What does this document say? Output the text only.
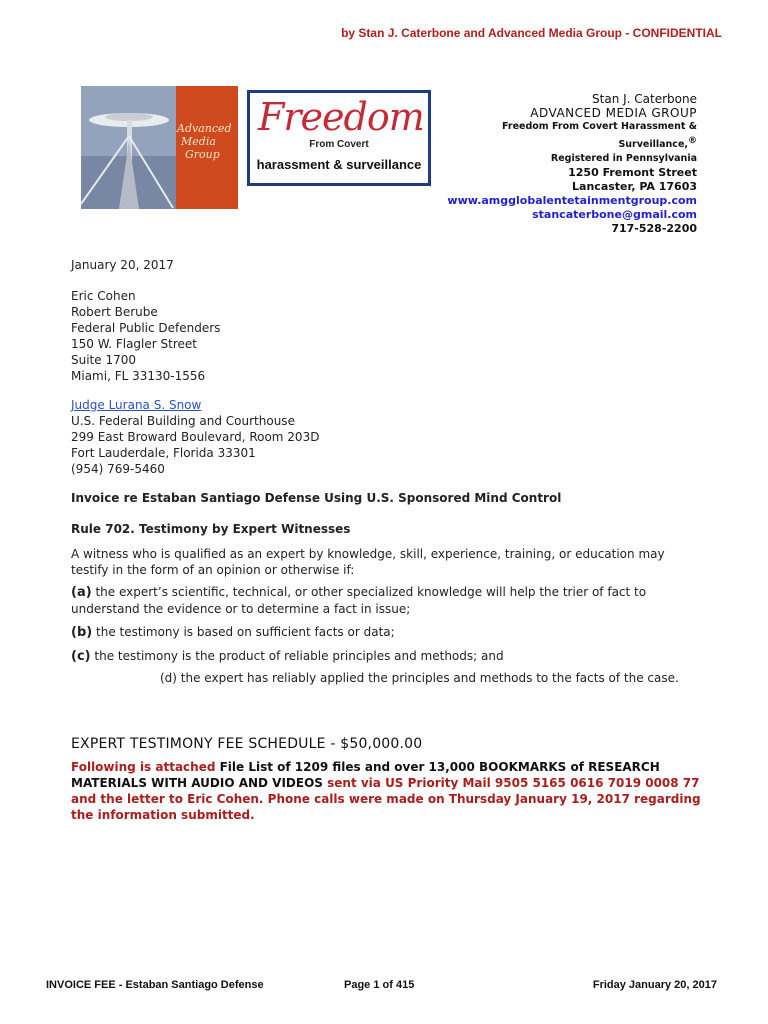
by Stan J. Caterbone and Advanced Media Group - CONFIDENTIAL
Advanced
Media
Group
Freedom
From Covert
harassment & surveillance
Stan J. Caterbone
ADVANCED MEDIA GROUP
Freedom From Covert Harassment &
Surveillance,®
Registered in Pennsylvania
1250 Fremont Street
Lancaster, PA 17603
www.amgglobalentetainmentgroup.com
stancaterbone@gmail.com
717-528-2200
January 20, 2017
Eric Cohen
Robert Berube
Federal Public Defenders
150 W. Flagler Street
Suite 1700
Miami, FL 33130-1556
Judge Lurana S. Snow
U.S. Federal Building and Courthouse
299 East Broward Boulevard, Room 203D
Fort Lauderdale, Florida 33301
(954) 769-5460
Invoice re Estaban Santiago Defense Using U.S. Sponsored Mind Control
Rule 702. Testimony by Expert Witnesses
A witness who is qualified as an expert by knowledge, skill, experience, training, or education may testify in the form of an opinion or otherwise if:
(a) the expert’s scientific, technical, or other specialized knowledge will help the trier of fact to understand the evidence or to determine a fact in issue;
(b) the testimony is based on sufficient facts or data;
(c) the testimony is the product of reliable principles and methods; and
(d) the expert has reliably applied the principles and methods to the facts of the case.
EXPERT TESTIMONY FEE SCHEDULE - $50,000.00
Following is attached File List of 1209 files and over 13,000 BOOKMARKS of RESEARCH MATERIALS WITH AUDIO AND VIDEOS sent via US Priority Mail 9505 5165 0616 7019 0008 77 and the letter to Eric Cohen. Phone calls were made on Thursday January 19, 2017 regarding the information submitted.
INVOICE FEE - Estaban Santiago Defense	Page 1 of 415	Friday January 20, 2017
